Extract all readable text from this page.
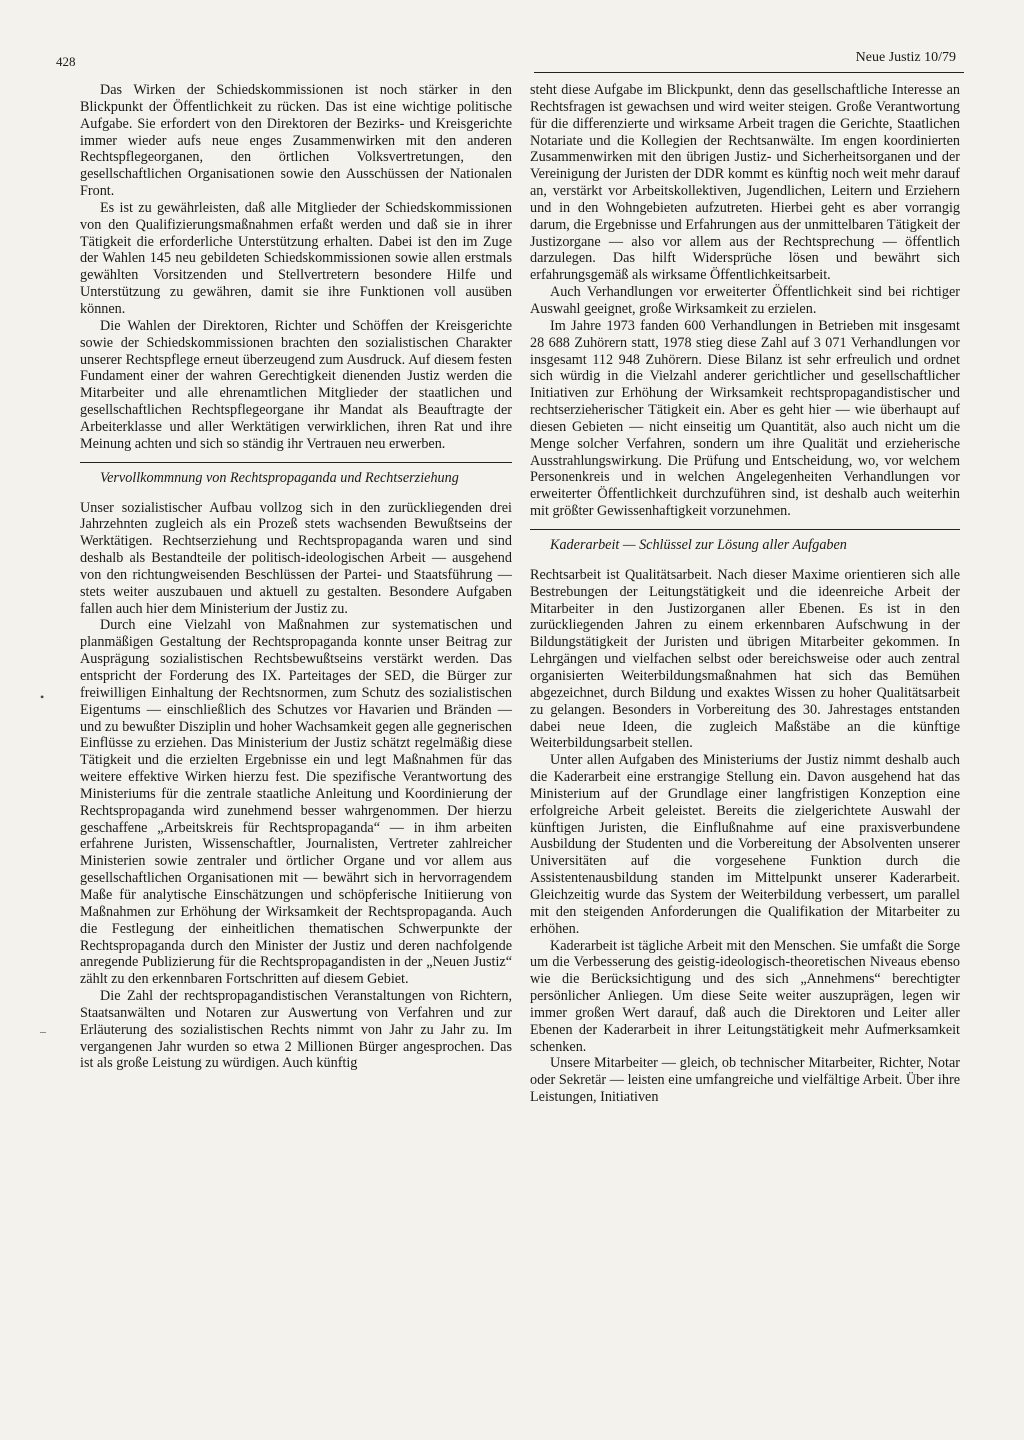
428	Neue Justiz 10/79
•
–

Das Wirken der Schiedskommissionen ist noch stärker in den Blickpunkt der Öffentlichkeit zu rücken. Das ist eine wichtige politische Aufgabe. Sie erfordert von den Direktoren der Bezirks- und Kreisgerichte immer wieder aufs neue enges Zusammenwirken mit den anderen Rechtspflegeorganen, den örtlichen Volksvertretungen, den gesellschaftlichen Organisationen sowie den Ausschüssen der Nationalen Front.

Es ist zu gewährleisten, daß alle Mitglieder der Schiedskommissionen von den Qualifizierungsmaßnahmen erfaßt werden und daß sie in ihrer Tätigkeit die erforderliche Unterstützung erhalten. Dabei ist den im Zuge der Wahlen 145 neu gebildeten Schiedskommissionen sowie allen erstmals gewählten Vorsitzenden und Stellvertretern besondere Hilfe und Unterstützung zu gewähren, damit sie ihre Funktionen voll ausüben können.

Die Wahlen der Direktoren, Richter und Schöffen der Kreisgerichte sowie der Schiedskommissionen brachten den sozialistischen Charakter unserer Rechtspflege erneut überzeugend zum Ausdruck. Auf diesem festen Fundament einer der wahren Gerechtigkeit dienenden Justiz werden die Mitarbeiter und alle ehrenamtlichen Mitglieder der staatlichen und gesellschaftlichen Rechtspflegeorgane ihr Mandat als Beauftragte der Arbeiterklasse und aller Werktätigen verwirklichen, ihren Rat und ihre Meinung achten und sich so ständig ihr Vertrauen neu erwerben.

Vervollkommnung von Rechtspropaganda und Rechtserziehung

Unser sozialistischer Aufbau vollzog sich in den zurückliegenden drei Jahrzehnten zugleich als ein Prozeß stets wachsenden Bewußtseins der Werktätigen. Rechtserziehung und Rechtspropaganda waren und sind deshalb als Bestandteile der politisch-ideologischen Arbeit — ausgehend von den richtungweisenden Beschlüssen der Partei- und Staatsführung — stets weiter auszubauen und aktuell zu gestalten. Besondere Aufgaben fallen auch hier dem Ministerium der Justiz zu.

Durch eine Vielzahl von Maßnahmen zur systematischen und planmäßigen Gestaltung der Rechtspropaganda konnte unser Beitrag zur Ausprägung sozialistischen Rechtsbewußtseins verstärkt werden. Das entspricht der Forderung des IX. Parteitages der SED, die Bürger zur freiwilligen Einhaltung der Rechtsnormen, zum Schutz des sozialistischen Eigentums — einschließlich des Schutzes vor Havarien und Bränden — und zu bewußter Disziplin und hoher Wachsamkeit gegen alle gegnerischen Einflüsse zu erziehen. Das Ministerium der Justiz schätzt regelmäßig diese Tätigkeit und die erzielten Ergebnisse ein und legt Maßnahmen für das weitere effektive Wirken hierzu fest. Die spezifische Verantwortung des Ministeriums für die zentrale staatliche Anleitung und Koordinierung der Rechtspropaganda wird zunehmend besser wahrgenommen. Der hierzu geschaffene „Arbeitskreis für Rechtspropaganda“ — in ihm arbeiten erfahrene Juristen, Wissenschaftler, Journalisten, Vertreter zahlreicher Ministerien sowie zentraler und örtlicher Organe und vor allem aus gesellschaftlichen Organisationen mit — bewährt sich in hervorragendem Maße für analytische Einschätzungen und schöpferische Initiierung von Maßnahmen zur Erhöhung der Wirksamkeit der Rechtspropaganda. Auch die Festlegung der einheitlichen thematischen Schwerpunkte der Rechtspropaganda durch den Minister der Justiz und deren nachfolgende anregende Publizierung für die Rechtspropagandisten in der „Neuen Justiz“ zählt zu den erkennbaren Fortschritten auf diesem Gebiet.

Die Zahl der rechtspropagandistischen Veranstaltungen von Richtern, Staatsanwälten und Notaren zur Auswertung von Verfahren und zur Erläuterung des sozialistischen Rechts nimmt von Jahr zu Jahr zu. Im vergangenen Jahr wurden so etwa 2 Millionen Bürger angesprochen. Das ist als große Leistung zu würdigen. Auch künftig

steht diese Aufgabe im Blickpunkt, denn das gesellschaftliche Interesse an Rechtsfragen ist gewachsen und wird weiter steigen. Große Verantwortung für die differenzierte und wirksame Arbeit tragen die Gerichte, Staatlichen Notariate und die Kollegien der Rechtsanwälte. Im engen koordinierten Zusammenwirken mit den übrigen Justiz- und Sicherheitsorganen und der Vereinigung der Juristen der DDR kommt es künftig noch weit mehr darauf an, verstärkt vor Arbeitskollektiven, Jugendlichen, Leitern und Erziehern und in den Wohngebieten aufzutreten. Hierbei geht es aber vorrangig darum, die Ergebnisse und Erfahrungen aus der unmittelbaren Tätigkeit der Justizorgane — also vor allem aus der Rechtsprechung — öffentlich darzulegen. Das hilft Widersprüche lösen und bewährt sich erfahrungsgemäß als wirksame Öffentlichkeitsarbeit.

Auch Verhandlungen vor erweiterter Öffentlichkeit sind bei richtiger Auswahl geeignet, große Wirksamkeit zu erzielen.

Im Jahre 1973 fanden 600 Verhandlungen in Betrieben mit insgesamt 28 688 Zuhörern statt, 1978 stieg diese Zahl auf 3 071 Verhandlungen vor insgesamt 112 948 Zuhörern. Diese Bilanz ist sehr erfreulich und ordnet sich würdig in die Vielzahl anderer gerichtlicher und gesellschaftlicher Initiativen zur Erhöhung der Wirksamkeit rechtspropagandistischer und rechtserzieherischer Tätigkeit ein. Aber es geht hier — wie überhaupt auf diesen Gebieten — nicht einseitig um Quantität, also auch nicht um die Menge solcher Verfahren, sondern um ihre Qualität und erzieherische Ausstrahlungswirkung. Die Prüfung und Entscheidung, wo, vor welchem Personenkreis und in welchen Angelegenheiten Verhandlungen vor erweiterter Öffentlichkeit durchzuführen sind, ist deshalb auch weiterhin mit größter Gewissenhaftigkeit vorzunehmen.

Kaderarbeit — Schlüssel zur Lösung aller Aufgaben

Rechtsarbeit ist Qualitätsarbeit. Nach dieser Maxime orientieren sich alle Bestrebungen der Leitungstätigkeit und die ideenreiche Arbeit der Mitarbeiter in den Justizorganen aller Ebenen. Es ist in den zurückliegenden Jahren zu einem erkennbaren Aufschwung in der Bildungstätigkeit der Juristen und übrigen Mitarbeiter gekommen. In Lehrgängen und vielfachen selbst oder bereichsweise oder auch zentral organisierten Weiterbildungsmaßnahmen hat sich das Bemühen abgezeichnet, durch Bildung und exaktes Wissen zu hoher Qualitätsarbeit zu gelangen. Besonders in Vorbereitung des 30. Jahrestages entstanden dabei neue Ideen, die zugleich Maßstäbe an die künftige Weiterbildungsarbeit stellen.

Unter allen Aufgaben des Ministeriums der Justiz nimmt deshalb auch die Kaderarbeit eine erstrangige Stellung ein. Davon ausgehend hat das Ministerium auf der Grundlage einer langfristigen Konzeption eine erfolgreiche Arbeit geleistet. Bereits die zielgerichtete Auswahl der künftigen Juristen, die Einflußnahme auf eine praxisverbundene Ausbildung der Studenten und die Vorbereitung der Absolventen unserer Universitäten auf die vorgesehene Funktion durch die Assistentenausbildung standen im Mittelpunkt unserer Kaderarbeit. Gleichzeitig wurde das System der Weiterbildung verbessert, um parallel mit den steigenden Anforderungen die Qualifikation der Mitarbeiter zu erhöhen.

Kaderarbeit ist tägliche Arbeit mit den Menschen. Sie umfaßt die Sorge um die Verbesserung des geistig-ideologisch-theoretischen Niveaus ebenso wie die Berücksichtigung und des sich „Annehmens“ berechtigter persönlicher Anliegen. Um diese Seite weiter auszuprägen, legen wir immer großen Wert darauf, daß auch die Direktoren und Leiter aller Ebenen der Kaderarbeit in ihrer Leitungstätigkeit mehr Aufmerksamkeit schenken.

Unsere Mitarbeiter — gleich, ob technischer Mitarbeiter, Richter, Notar oder Sekretär — leisten eine umfangreiche und vielfältige Arbeit. Über ihre Leistungen, Initiativen
